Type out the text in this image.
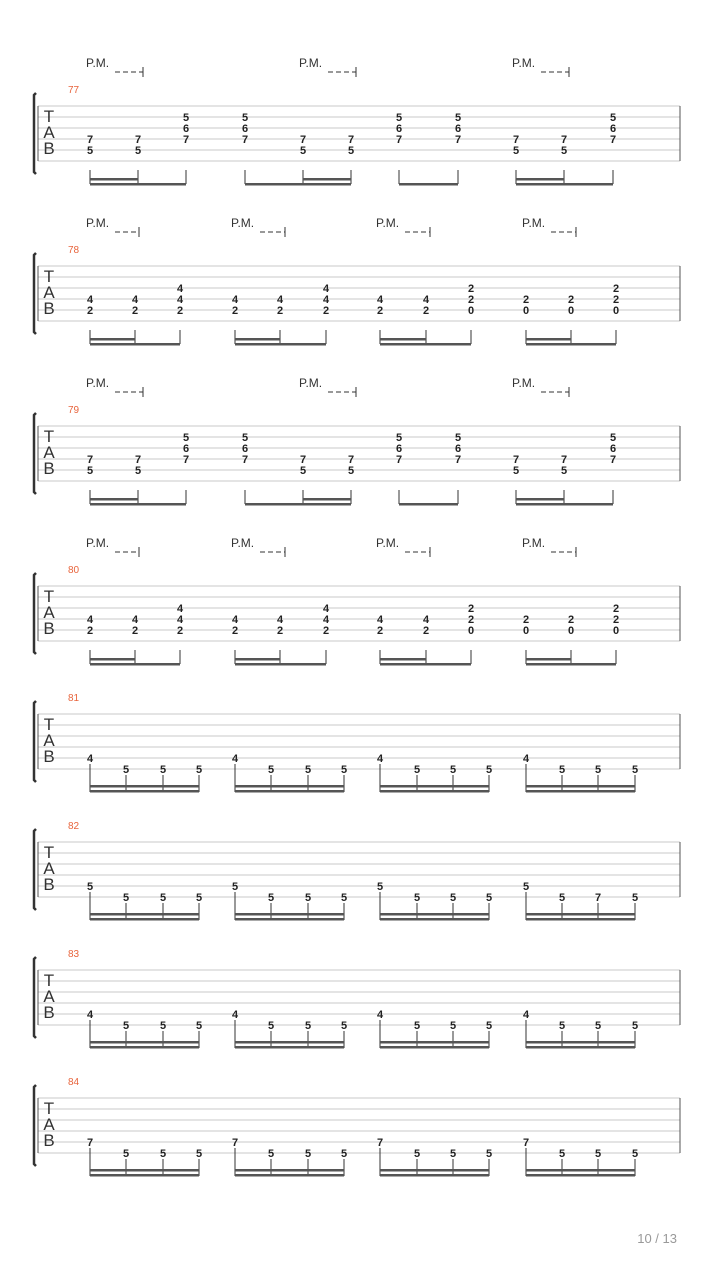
T
A
B
77
P.M.	P.M.	P.M.
7
5
7
5
5
6
7
5
6
7	7
5
7
5
5
6
7
5
6
7	7
5
7
5
5
6
7
T
A
B
78
P.M.	P.M.	P.M.	P.M.
4
2
4
2
4
4
2
4
2
4
2
4
4
2
4
2
4
2
2
2
0
2
0
2
0
2
2
0
T
A
B
79
P.M.	P.M.	P.M.
7
5
7
5
5
6
7
5
6
7	7
5
7
5
5
6
7
5
6
7	7
5
7
5
5
6
7
T
A
B
80
P.M.	P.M.	P.M.	P.M.
4
2
4
2
4
4
2
4
2
4
2
4
4
2
4
2
4
2
2
2
0
2
0
2
0
2
2
0
T
A
B
81
4
5	5	5
4
5	5	5
4
5	5	5
4
5	5	5
T
A
B
82
5
5	5	5
5
5	5	5
5
5	5	5
5
5	7	5
T
A
B
83
4
5	5	5
4
5	5	5
4
5	5	5
4
5	5	5
T
A
B
84
7
5	5	5
7
5	5	5
7
5	5	5
7
5	5	5
10 / 13
